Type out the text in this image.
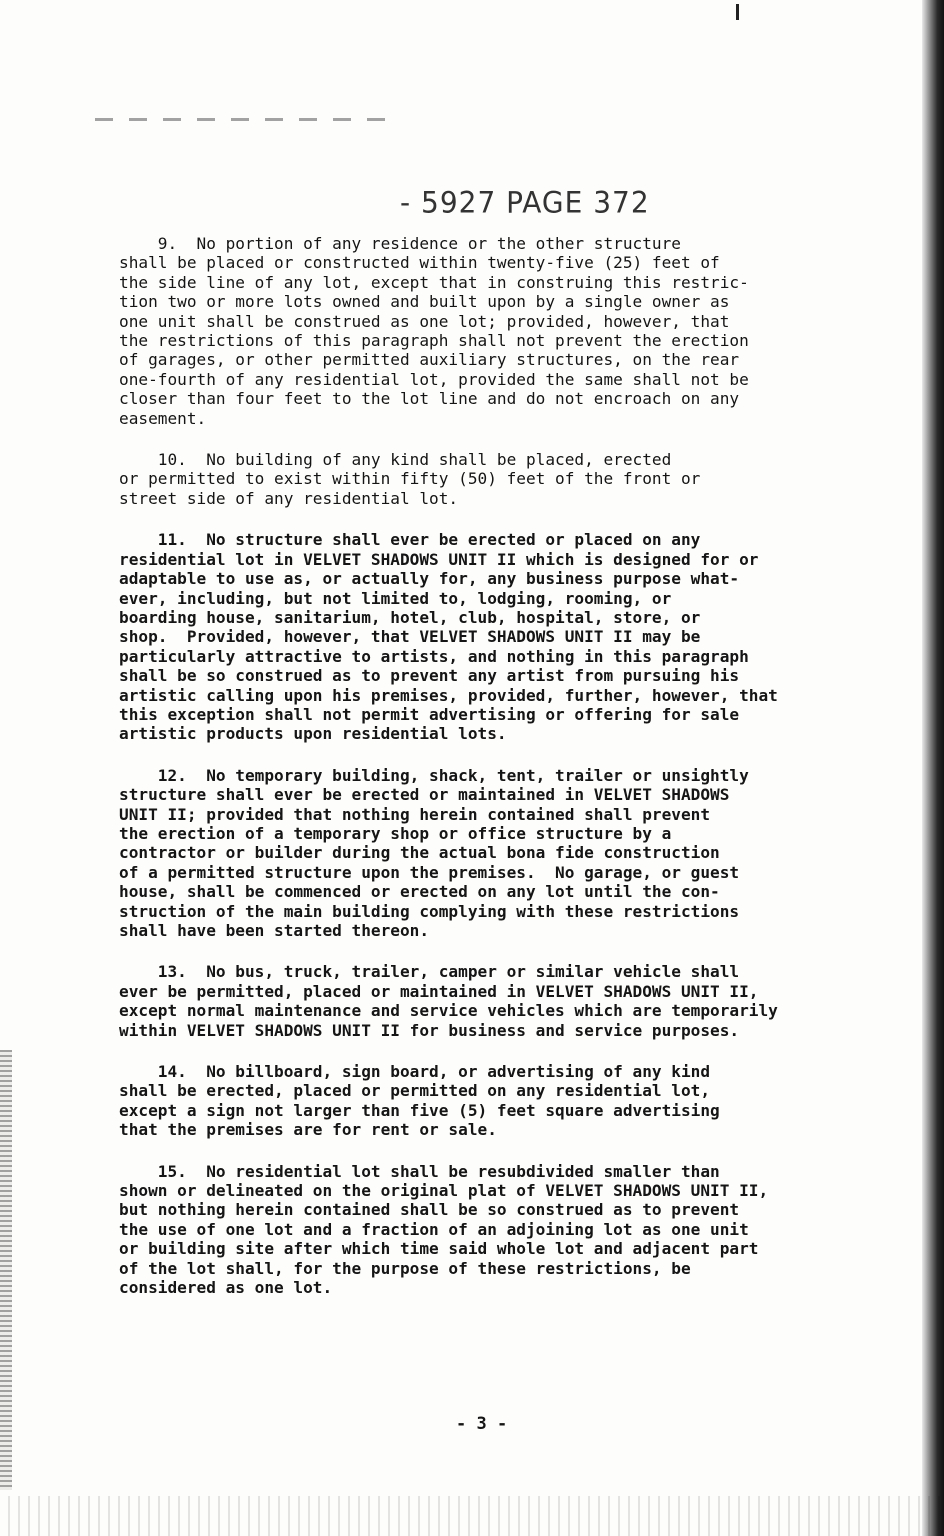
- 5927 PAGE 372

9.  No portion of any residence or the other structure
shall be placed or constructed within twenty-five (25) feet of
the side line of any lot, except that in construing this restric-
tion two or more lots owned and built upon by a single owner as
one unit shall be construed as one lot; provided, however, that
the restrictions of this paragraph shall not prevent the erection
of garages, or other permitted auxiliary structures, on the rear
one-fourth of any residential lot, provided the same shall not be
closer than four feet to the lot line and do not encroach on any
easement.

10.  No building of any kind shall be placed, erected
or permitted to exist within fifty (50) feet of the front or
street side of any residential lot.

11.  No structure shall ever be erected or placed on any
residential lot in VELVET SHADOWS UNIT II which is designed for or
adaptable to use as, or actually for, any business purpose what-
ever, including, but not limited to, lodging, rooming, or
boarding house, sanitarium, hotel, club, hospital, store, or
shop.  Provided, however, that VELVET SHADOWS UNIT II may be
particularly attractive to artists, and nothing in this paragraph
shall be so construed as to prevent any artist from pursuing his
artistic calling upon his premises, provided, further, however, that
this exception shall not permit advertising or offering for sale
artistic products upon residential lots.

12.  No temporary building, shack, tent, trailer or unsightly
structure shall ever be erected or maintained in VELVET SHADOWS
UNIT II; provided that nothing herein contained shall prevent
the erection of a temporary shop or office structure by a
contractor or builder during the actual bona fide construction
of a permitted structure upon the premises.  No garage, or guest
house, shall be commenced or erected on any lot until the con-
struction of the main building complying with these restrictions
shall have been started thereon.

13.  No bus, truck, trailer, camper or similar vehicle shall
ever be permitted, placed or maintained in VELVET SHADOWS UNIT II,
except normal maintenance and service vehicles which are temporarily
within VELVET SHADOWS UNIT II for business and service purposes.

14.  No billboard, sign board, or advertising of any kind
shall be erected, placed or permitted on any residential lot,
except a sign not larger than five (5) feet square advertising
that the premises are for rent or sale.

15.  No residential lot shall be resubdivided smaller than
shown or delineated on the original plat of VELVET SHADOWS UNIT II,
but nothing herein contained shall be so construed as to prevent
the use of one lot and a fraction of an adjoining lot as one unit
or building site after which time said whole lot and adjacent part
of the lot shall, for the purpose of these restrictions, be
considered as one lot.

- 3 -
